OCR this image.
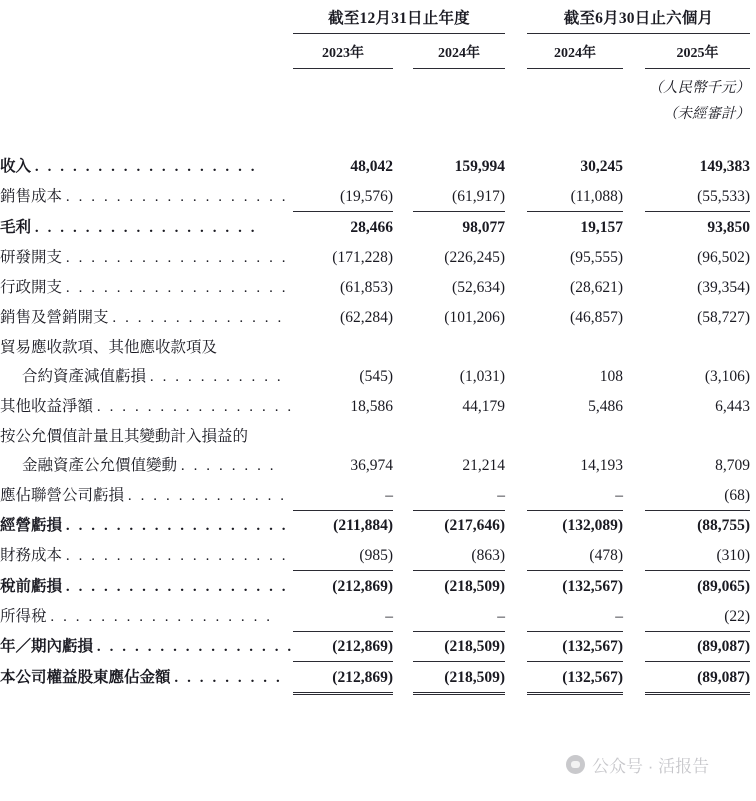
	截至12月31日止年度				截至6月30日止六個月			
	2023年		2024年		2024年		2025年	
					（人民幣千元）			
					（未經審計）			

收入 . . . . . . . . . . . . . . . . . .	48,042		159,994		30,245		149,383	
銷售成本 . . . . . . . . . . . . . . . . . .	(19,576)		(61,917)		(11,088)		(55,533)	
毛利 . . . . . . . . . . . . . . . . . .	28,466		98,077		19,157		93,850	
研發開支 . . . . . . . . . . . . . . . . . .	(171,228)		(226,245)		(95,555)		(96,502)	
行政開支 . . . . . . . . . . . . . . . . . .	(61,853)		(52,634)		(28,621)		(39,354)	
銷售及營銷開支 . . . . . . . . . . . . . .	(62,284)		(101,206)		(46,857)		(58,727)	
貿易應收款項、其他應收款項及								
合約資產減值虧損 . . . . . . . . . . .	(545)		(1,031)		108		(3,106)	
其他收益淨額 . . . . . . . . . . . . . . . .	18,586		44,179		5,486		6,443	
按公允價值計量且其變動計入損益的								
金融資產公允價值變動 . . . . . . . .	36,974		21,214		14,193		8,709	
應佔聯營公司虧損 . . . . . . . . . . . . .	–		–		–		(68)	
經營虧損 . . . . . . . . . . . . . . . . . .	(211,884)		(217,646)		(132,089)		(88,755)	
財務成本 . . . . . . . . . . . . . . . . . .	(985)		(863)		(478)		(310)	
稅前虧損 . . . . . . . . . . . . . . . . . .	(212,869)		(218,509)		(132,567)		(89,065)	
所得稅 . . . . . . . . . . . . . . . . . .	–		–		–		(22)	
年／期內虧損 . . . . . . . . . . . . . . . .	(212,869)		(218,509)		(132,567)		(89,087)	
本公司權益股東應佔金額 . . . . . . . . .	(212,869)		(218,509)		(132,567)		(89,087)	
公众号 · 活报告
